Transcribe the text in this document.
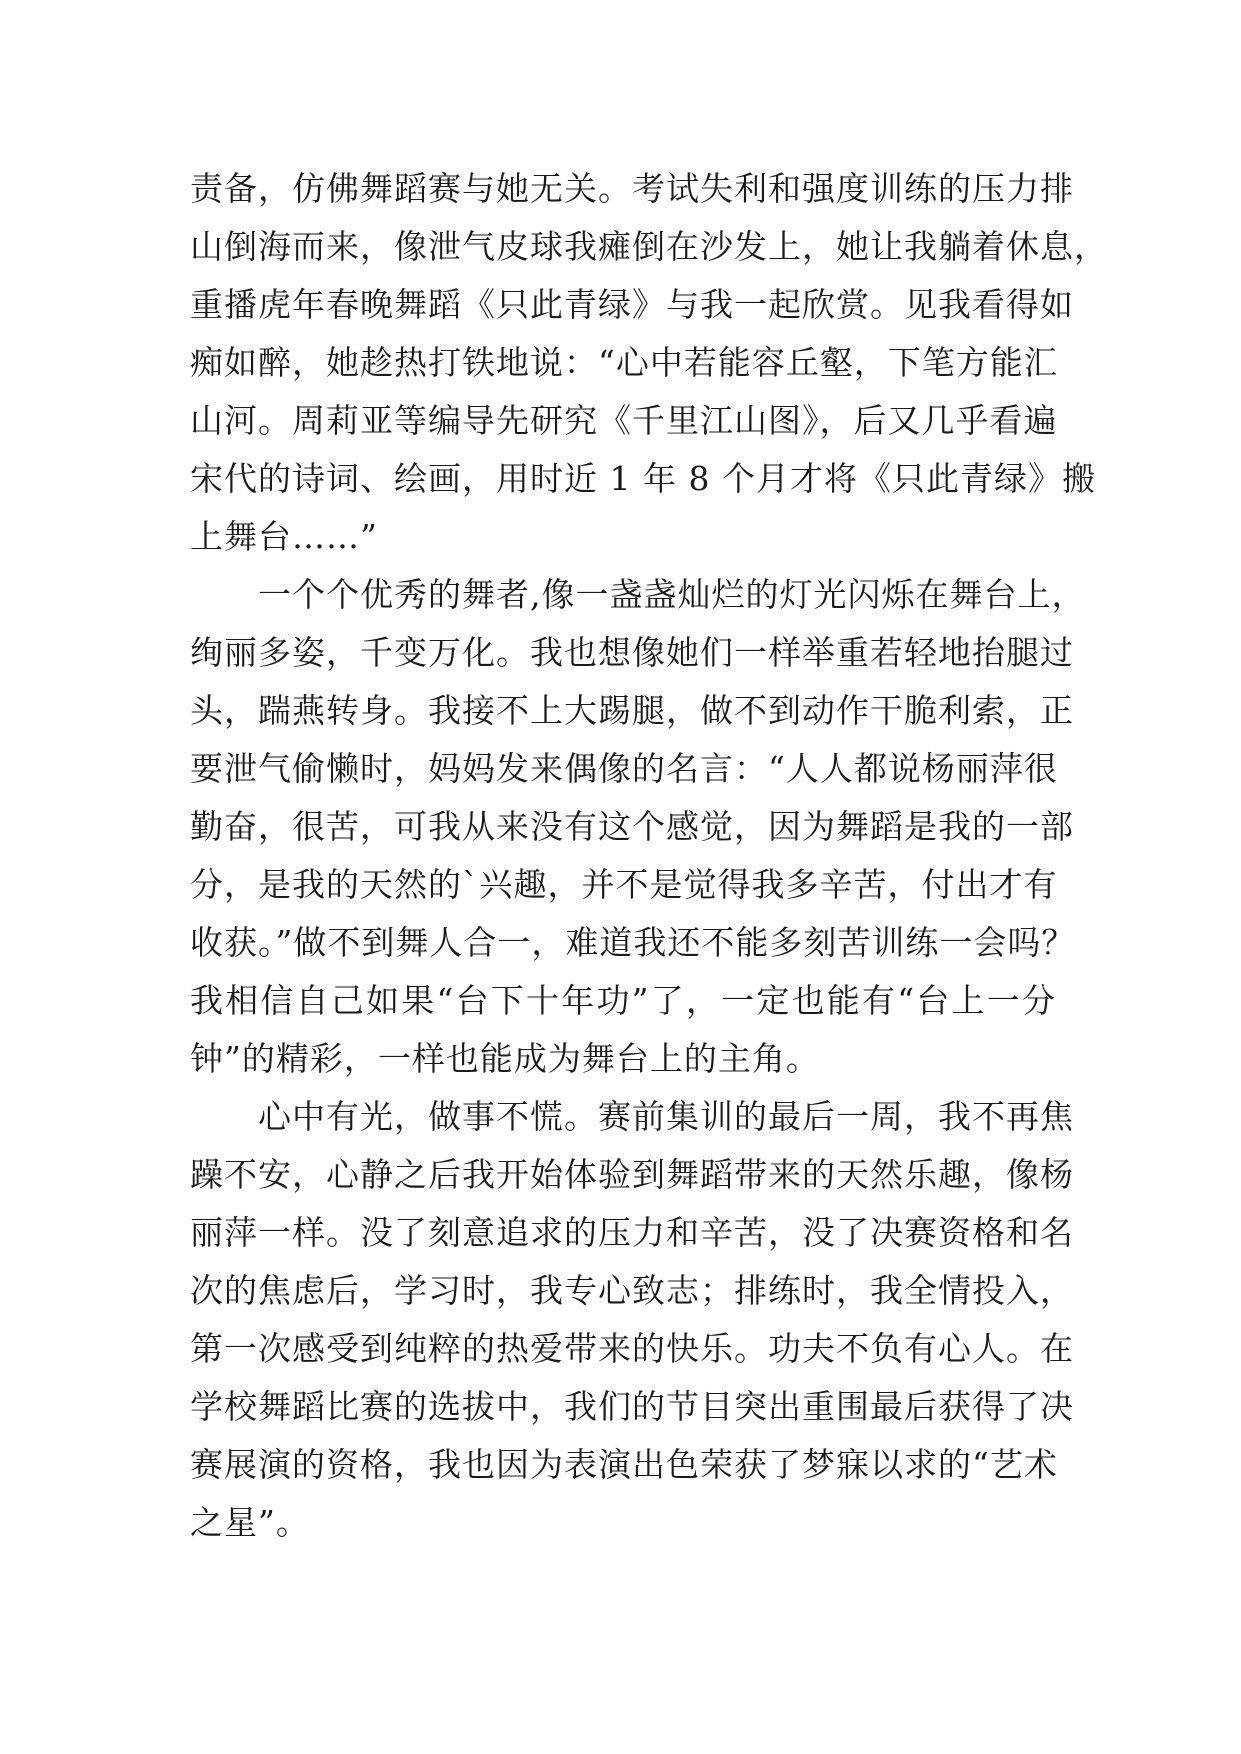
责备，仿佛舞蹈赛与她无关。考试失利和强度训练的压力排
山倒海而来，像泄气皮球我瘫倒在沙发上，她让我躺着休息，
重播虎年春晚舞蹈《只此青绿》与我一起欣赏。见我看得如
痴如醉，她趁热打铁地说：“心中若能容丘壑，下笔方能汇
山河。周莉亚等编导先研究《千里江山图》，后又几乎看遍
宋代的诗词、绘画，用时近 1 年 8 个月才将《只此青绿》搬
上舞台……”
一个个优秀的舞者,像一盏盏灿烂的灯光闪烁在舞台上，
绚丽多姿，千变万化。我也想像她们一样举重若轻地抬腿过
头，踹燕转身。我接不上大踢腿，做不到动作干脆利索，正
要泄气偷懒时，妈妈发来偶像的名言：“人人都说杨丽萍很
勤奋，很苦，可我从来没有这个感觉，因为舞蹈是我的一部
分，是我的天然的`兴趣，并不是觉得我多辛苦，付出才有
收获。”做不到舞人合一，难道我还不能多刻苦训练一会吗？
我相信自己如果“台下十年功”了，一定也能有“台上一分
钟”的精彩，一样也能成为舞台上的主角。
心中有光，做事不慌。赛前集训的最后一周，我不再焦
躁不安，心静之后我开始体验到舞蹈带来的天然乐趣，像杨
丽萍一样。没了刻意追求的压力和辛苦，没了决赛资格和名
次的焦虑后，学习时，我专心致志；排练时，我全情投入，
第一次感受到纯粹的热爱带来的快乐。功夫不负有心人。在
学校舞蹈比赛的选拔中，我们的节目突出重围最后获得了决
赛展演的资格，我也因为表演出色荣获了梦寐以求的“艺术
之星”。
